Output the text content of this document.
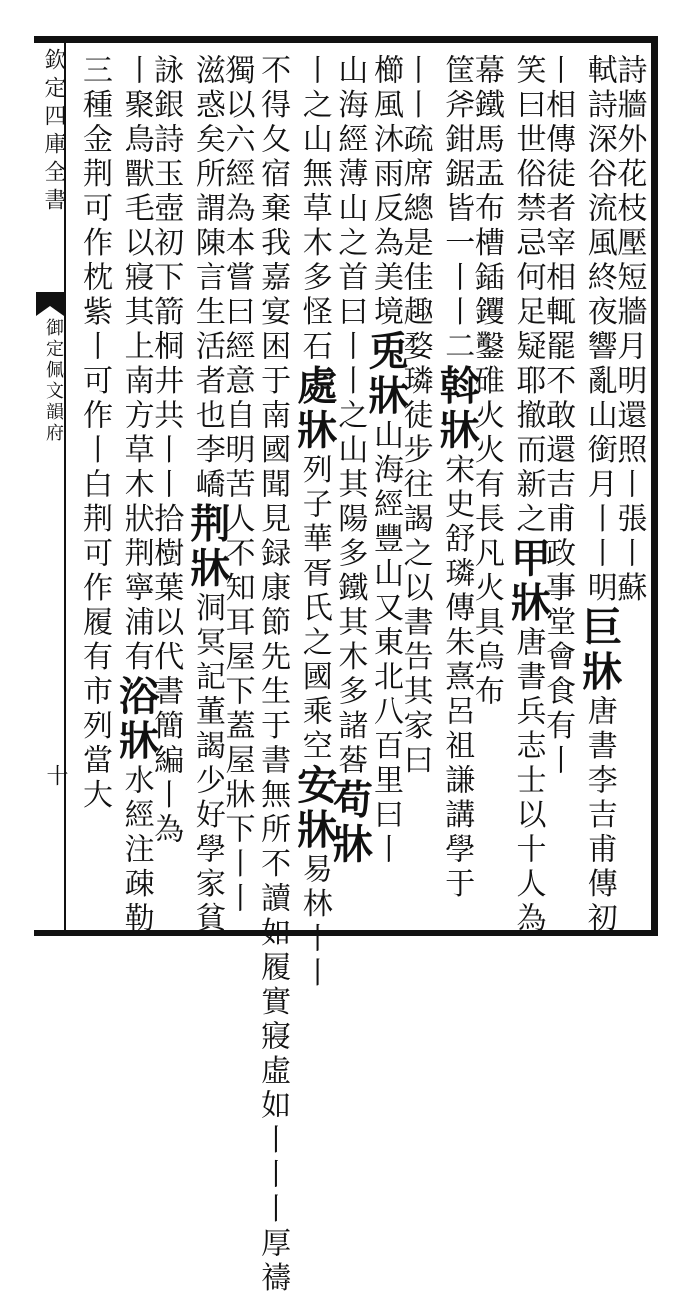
欽定四庫全書
御定佩文韻府
十
詩牆外花枝壓短牆月明還照丨張丨蘇
軾詩深谷流風終夜響亂山銜月丨丨明巨牀唐書李吉甫傳初
丨相傳徒者宰相輒罷不敢還吉甫政事堂會食有丨
笑曰世俗禁忌何足疑耶撤而新之甲牀唐書兵志士以十人為
幕鐵馬盂布槽鍤钁鑿碓火火有長凡火具烏布
筐斧鉗鋸皆一丨丨二斡牀宋史舒璘傳朱熹呂祖謙講學于
丨丨疏席總是佳趣婺璘徒步往謁之以書告其家曰
櫛風沐雨反為美境兎牀山海經豐山又東北八百里曰丨
山海經薄山之首曰丨丨之山其陽多鐵其木多諸䓘苟牀
丨之山無草木多怪石處牀列子華胥氏之國乘空安牀易林丨丨
不得夂宿棄我嘉宴困于南國聞見録康節先生于書無所不讀如履實寢虛如丨丨丨厚禱
獨以六經為本嘗曰經意自明苦人不知耳屋下蓋屋牀下丨丨
滋惑矣所謂陳言生活者也李嶠荆牀洞冥記董謁少好學家貧
詠銀詩玉壺初下箭桐井共丨丨拾樹葉以代書簡編丨為
丨聚鳥獸毛以寢其上南方草木狀荆寧浦有浴牀水經注疎勒
三種金荆可作枕紫丨可作丨白荆可作履有市列當大
